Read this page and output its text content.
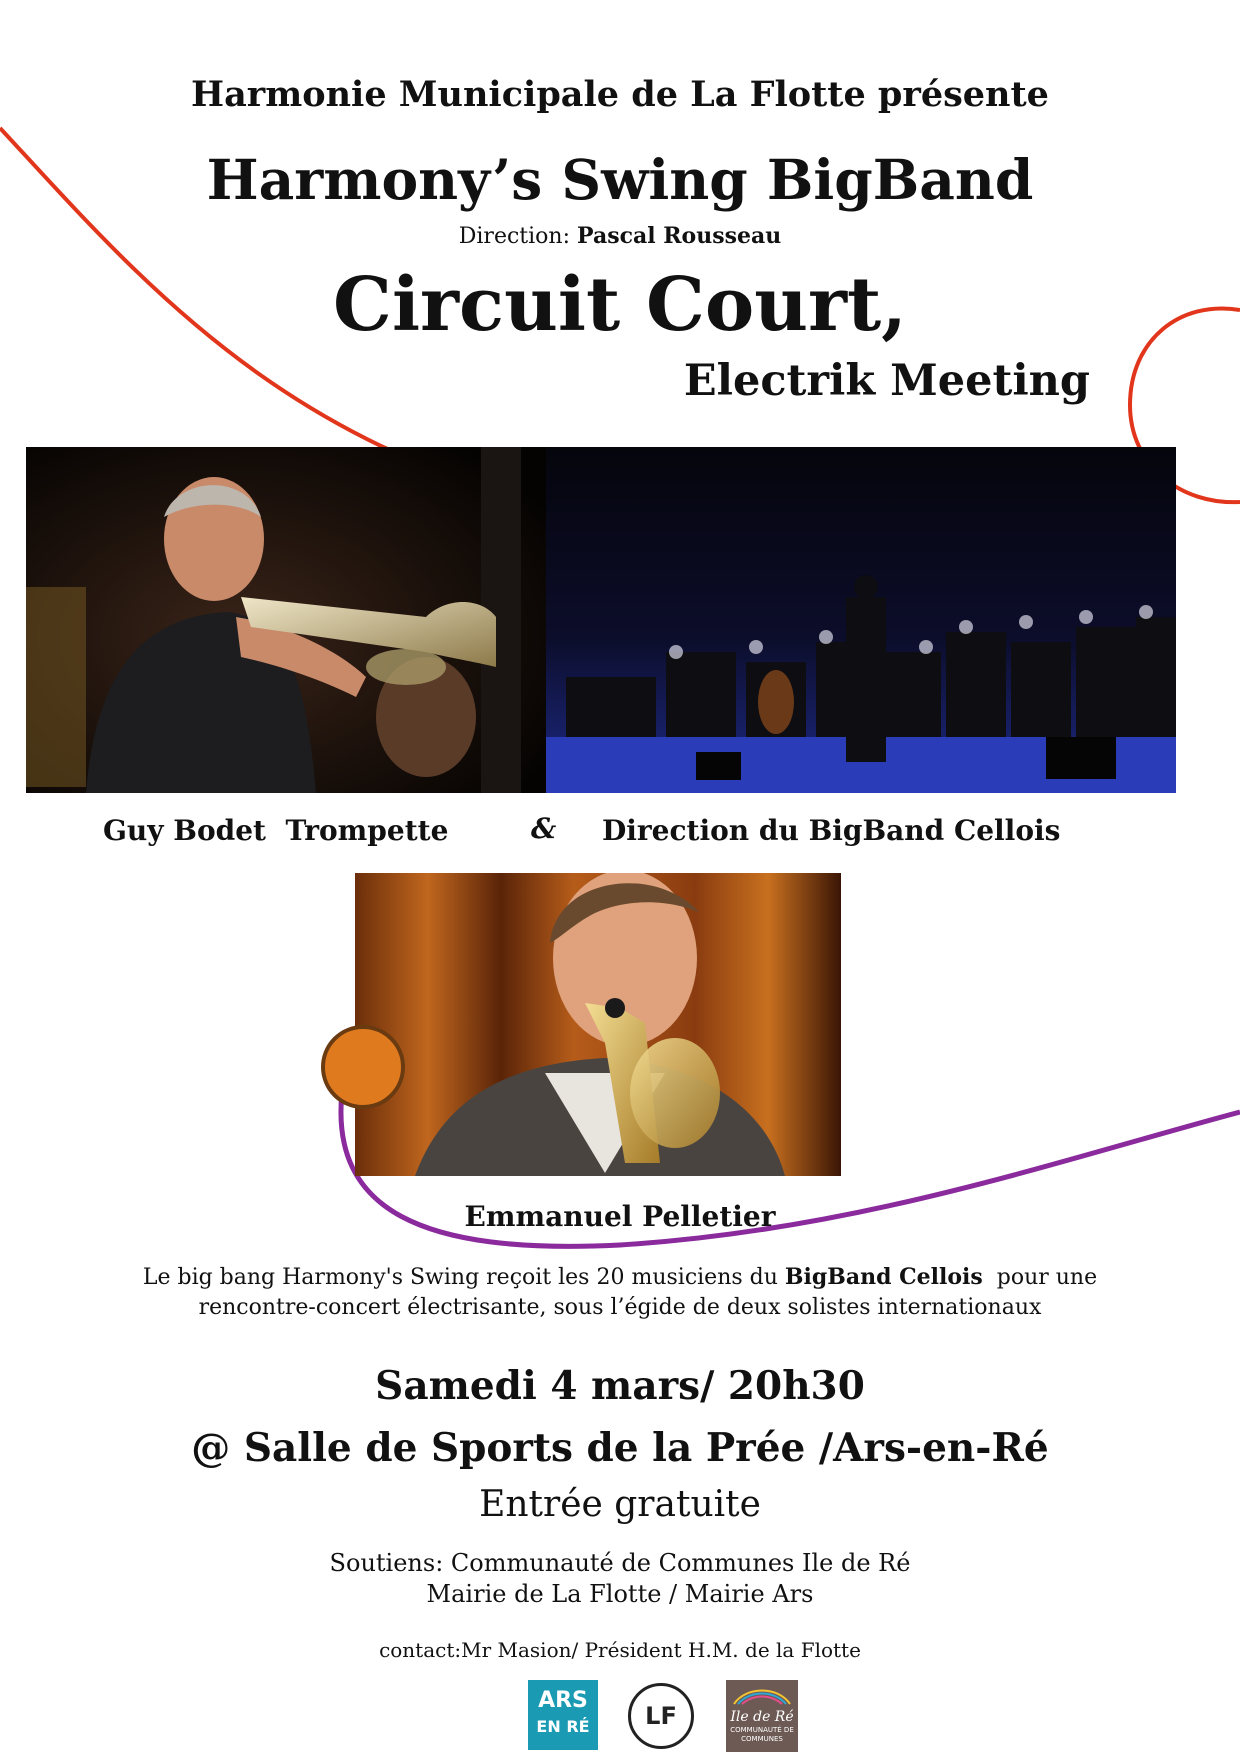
Harmonie Municipale de La Flotte présente
Harmony’s Swing BigBand
Direction: Pascal Rousseau
Circuit Court,
Electrik Meeting
Guy Bodet  Trompette	& Direction du BigBand Cellois
Emmanuel Pelletier
Le big bang Harmony's Swing reçoit les 20 musiciens du BigBand Cellois  pour une
rencontre-concert électrisante, sous l’égide de deux solistes internationaux
Samedi 4 mars/ 20h30
@ Salle de Sports de la Prée /Ars-en-Ré
Entrée gratuite
Soutiens: Communauté de Communes Ile de Ré
Mairie de La Flotte / Mairie Ars
contact:Mr Masion/ Président H.M. de la Flotte
ARS
EN RÉ	LF	Ile de Ré
COMMUNAUTÉ DE COMMUNES
